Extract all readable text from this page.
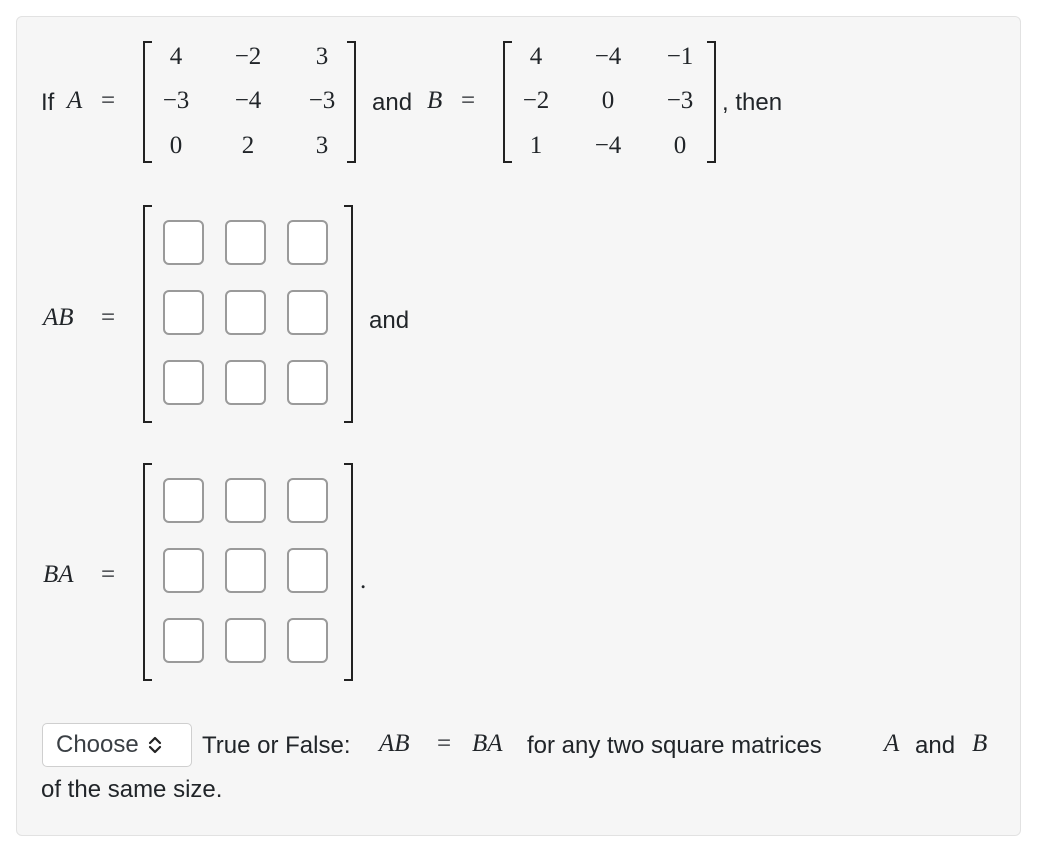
If A =
4	−2	3
−3	−4	−3
0	2	3
and B =
4	−4	−1
−2	0	−3
1	−4	0
, then
AB =	and
BA =	.
Choose	True or False: AB = BA for any two square matrices A and B
of the same size.
